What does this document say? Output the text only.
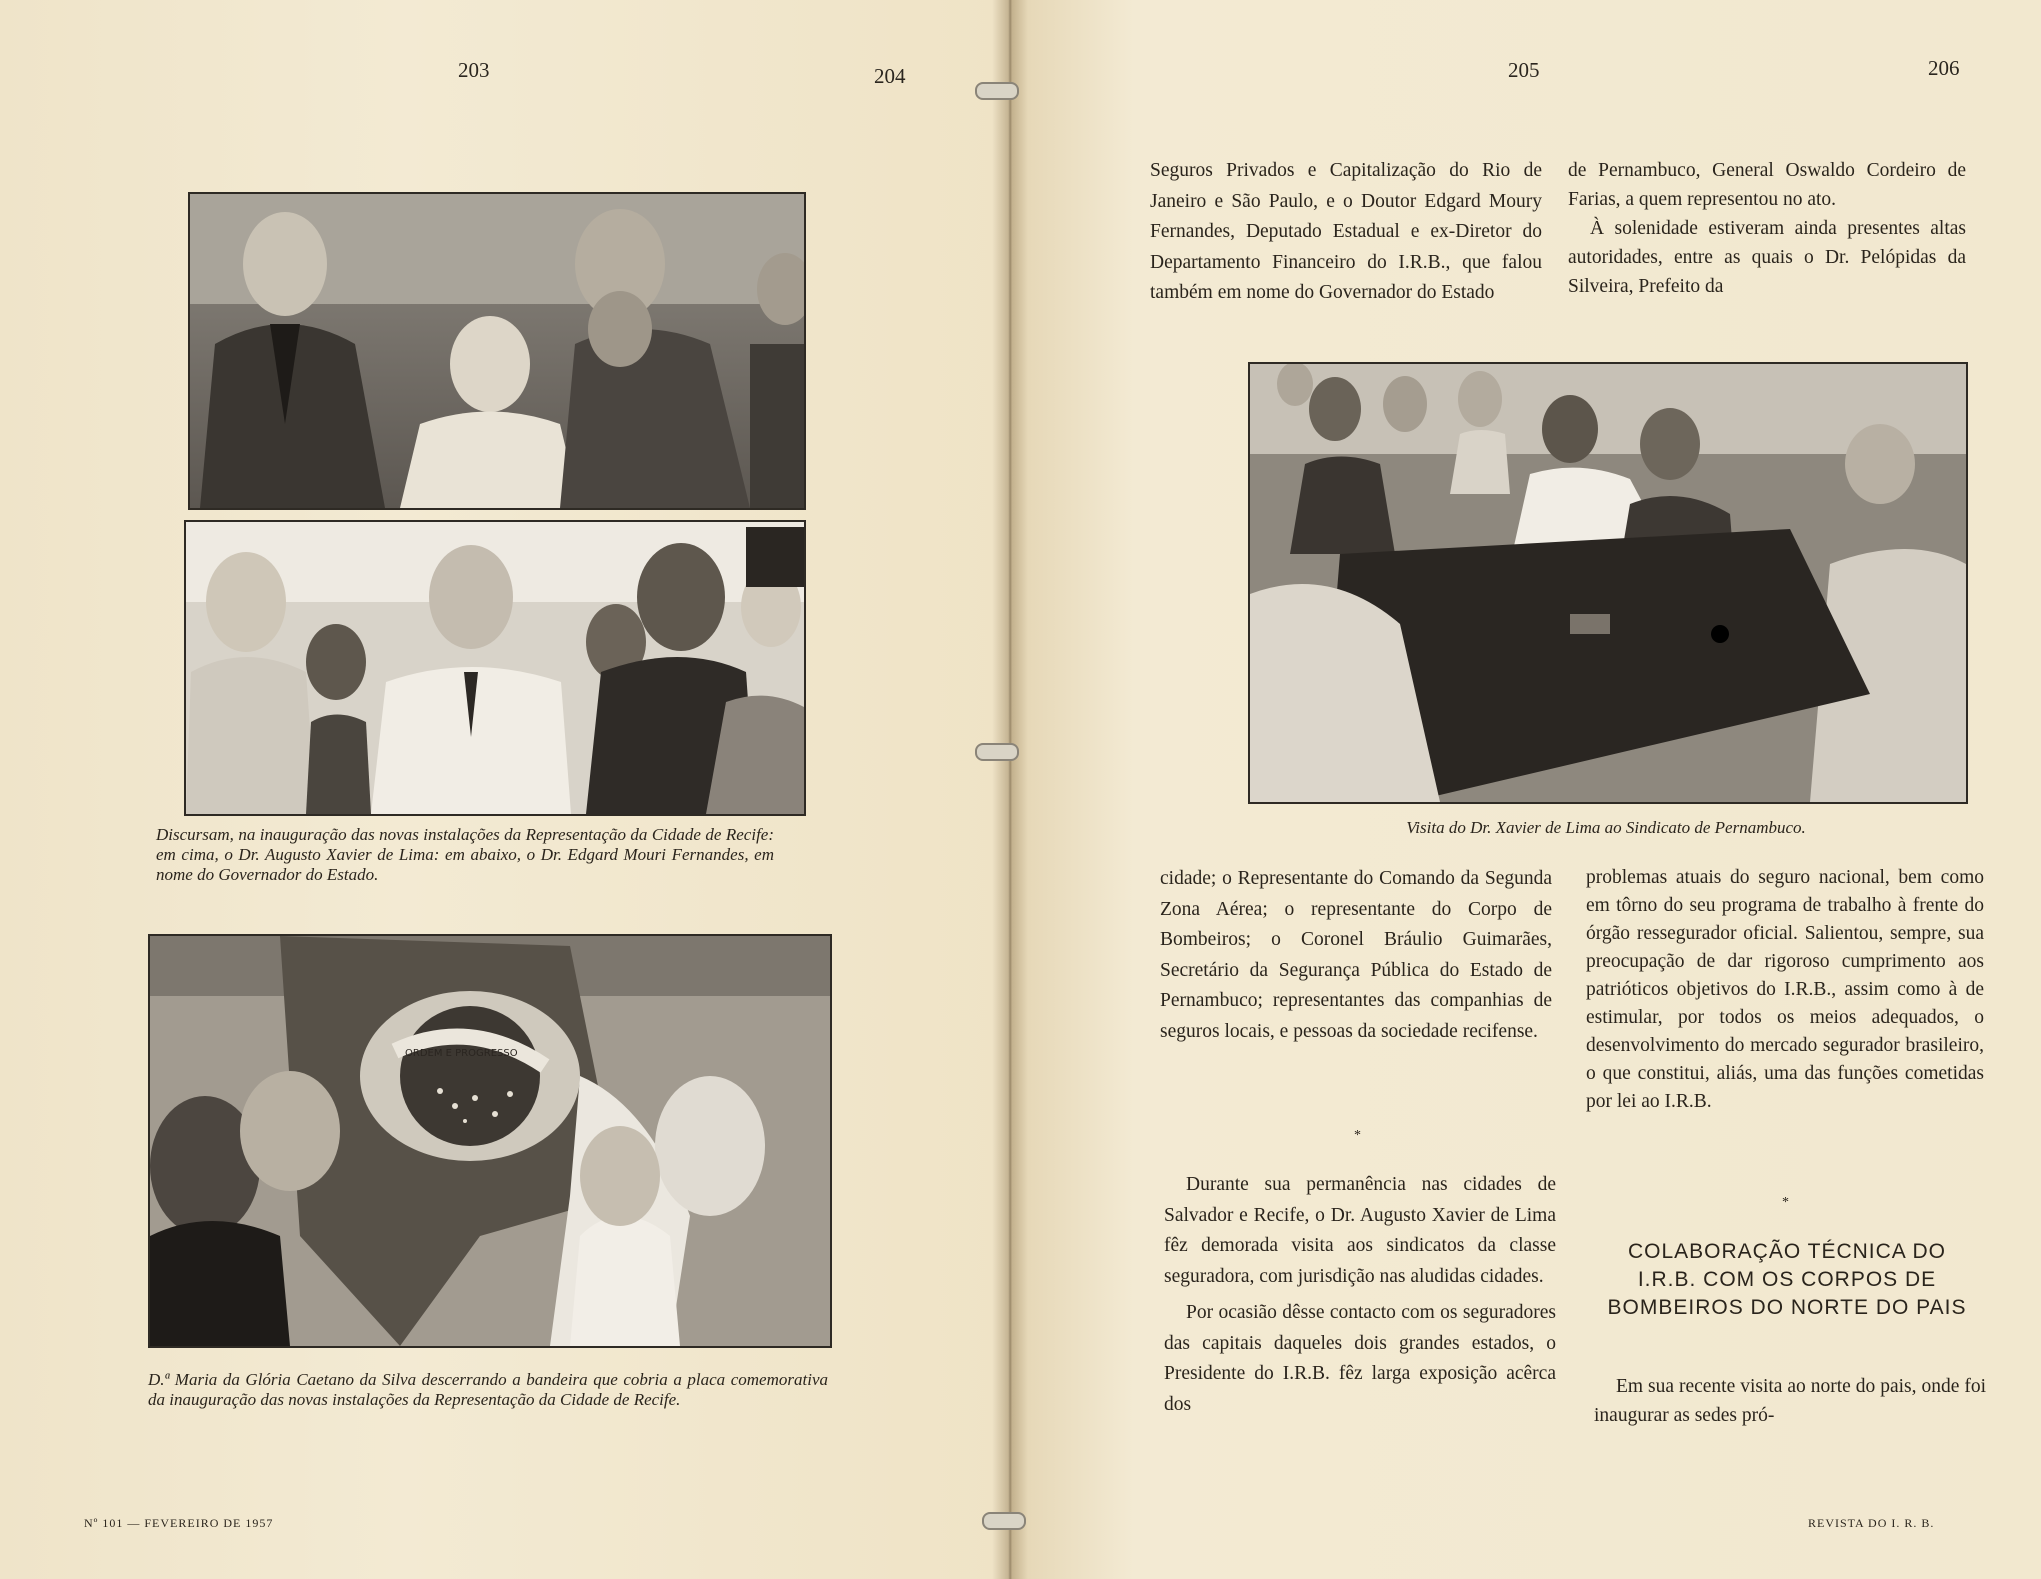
203	204	205	206
Discursam, na inauguração das novas instalações da Representação da Cidade de Recife: em cima, o Dr. Augusto Xavier de Lima: em abaixo, o Dr. Edgard Mouri Fernandes, em nome do Governador do Estado.
ORDEM E PROGRESSO
D.ª Maria da Glória Caetano da Silva descerrando a bandeira que cobria a placa comemorativa da inauguração das novas instalações da Representação da Cidade de Recife.
Nº 101 — FEVEREIRO DE 1957

Seguros Privados e Capitalização do Rio de Janeiro e São Paulo, e o Doutor Edgard Moury Fernandes, Deputado Estadual e ex-Diretor do Departamento Financeiro do I.R.B., que falou também em nome do Governador do Estado

de Pernambuco, General Oswaldo Cordeiro de Farias, a quem representou no ato.

À solenidade estiveram ainda presentes altas autoridades, entre as quais o Dr. Pelópidas da Silveira, Prefeito da

Visita do Dr. Xavier de Lima ao Sindicato de Pernambuco.

cidade; o Representante do Comando da Segunda Zona Aérea; o representante do Corpo de Bombeiros; o Coronel Bráulio Guimarães, Secretário da Segurança Pública do Estado de Pernambuco; representantes das companhias de seguros locais, e pessoas da sociedade recifense.

*

Durante sua permanência nas cidades de Salvador e Recife, o Dr. Augusto Xavier de Lima fêz demorada visita aos sindicatos da classe seguradora, com jurisdição nas aludidas cidades.

Por ocasião dêsse contacto com os seguradores das capitais daqueles dois grandes estados, o Presidente do I.R.B. fêz larga exposição acêrca dos

problemas atuais do seguro nacional, bem como em tôrno do seu programa de trabalho à frente do órgão ressegurador oficial. Salientou, sempre, sua preocupação de dar rigoroso cumprimento aos patrióticos objetivos do I.R.B., assim como à de estimular, por todos os meios adequados, o desenvolvimento do mercado segurador brasileiro, o que constitui, aliás, uma das funções cometidas por lei ao I.R.B.

*
COLABORAÇÃO TÉCNICA DO I.R.B. COM OS CORPOS DE BOMBEIROS DO NORTE DO PAIS

Em sua recente visita ao norte do pais, onde foi inaugurar as sedes pró-

REVISTA DO I. R. B.
